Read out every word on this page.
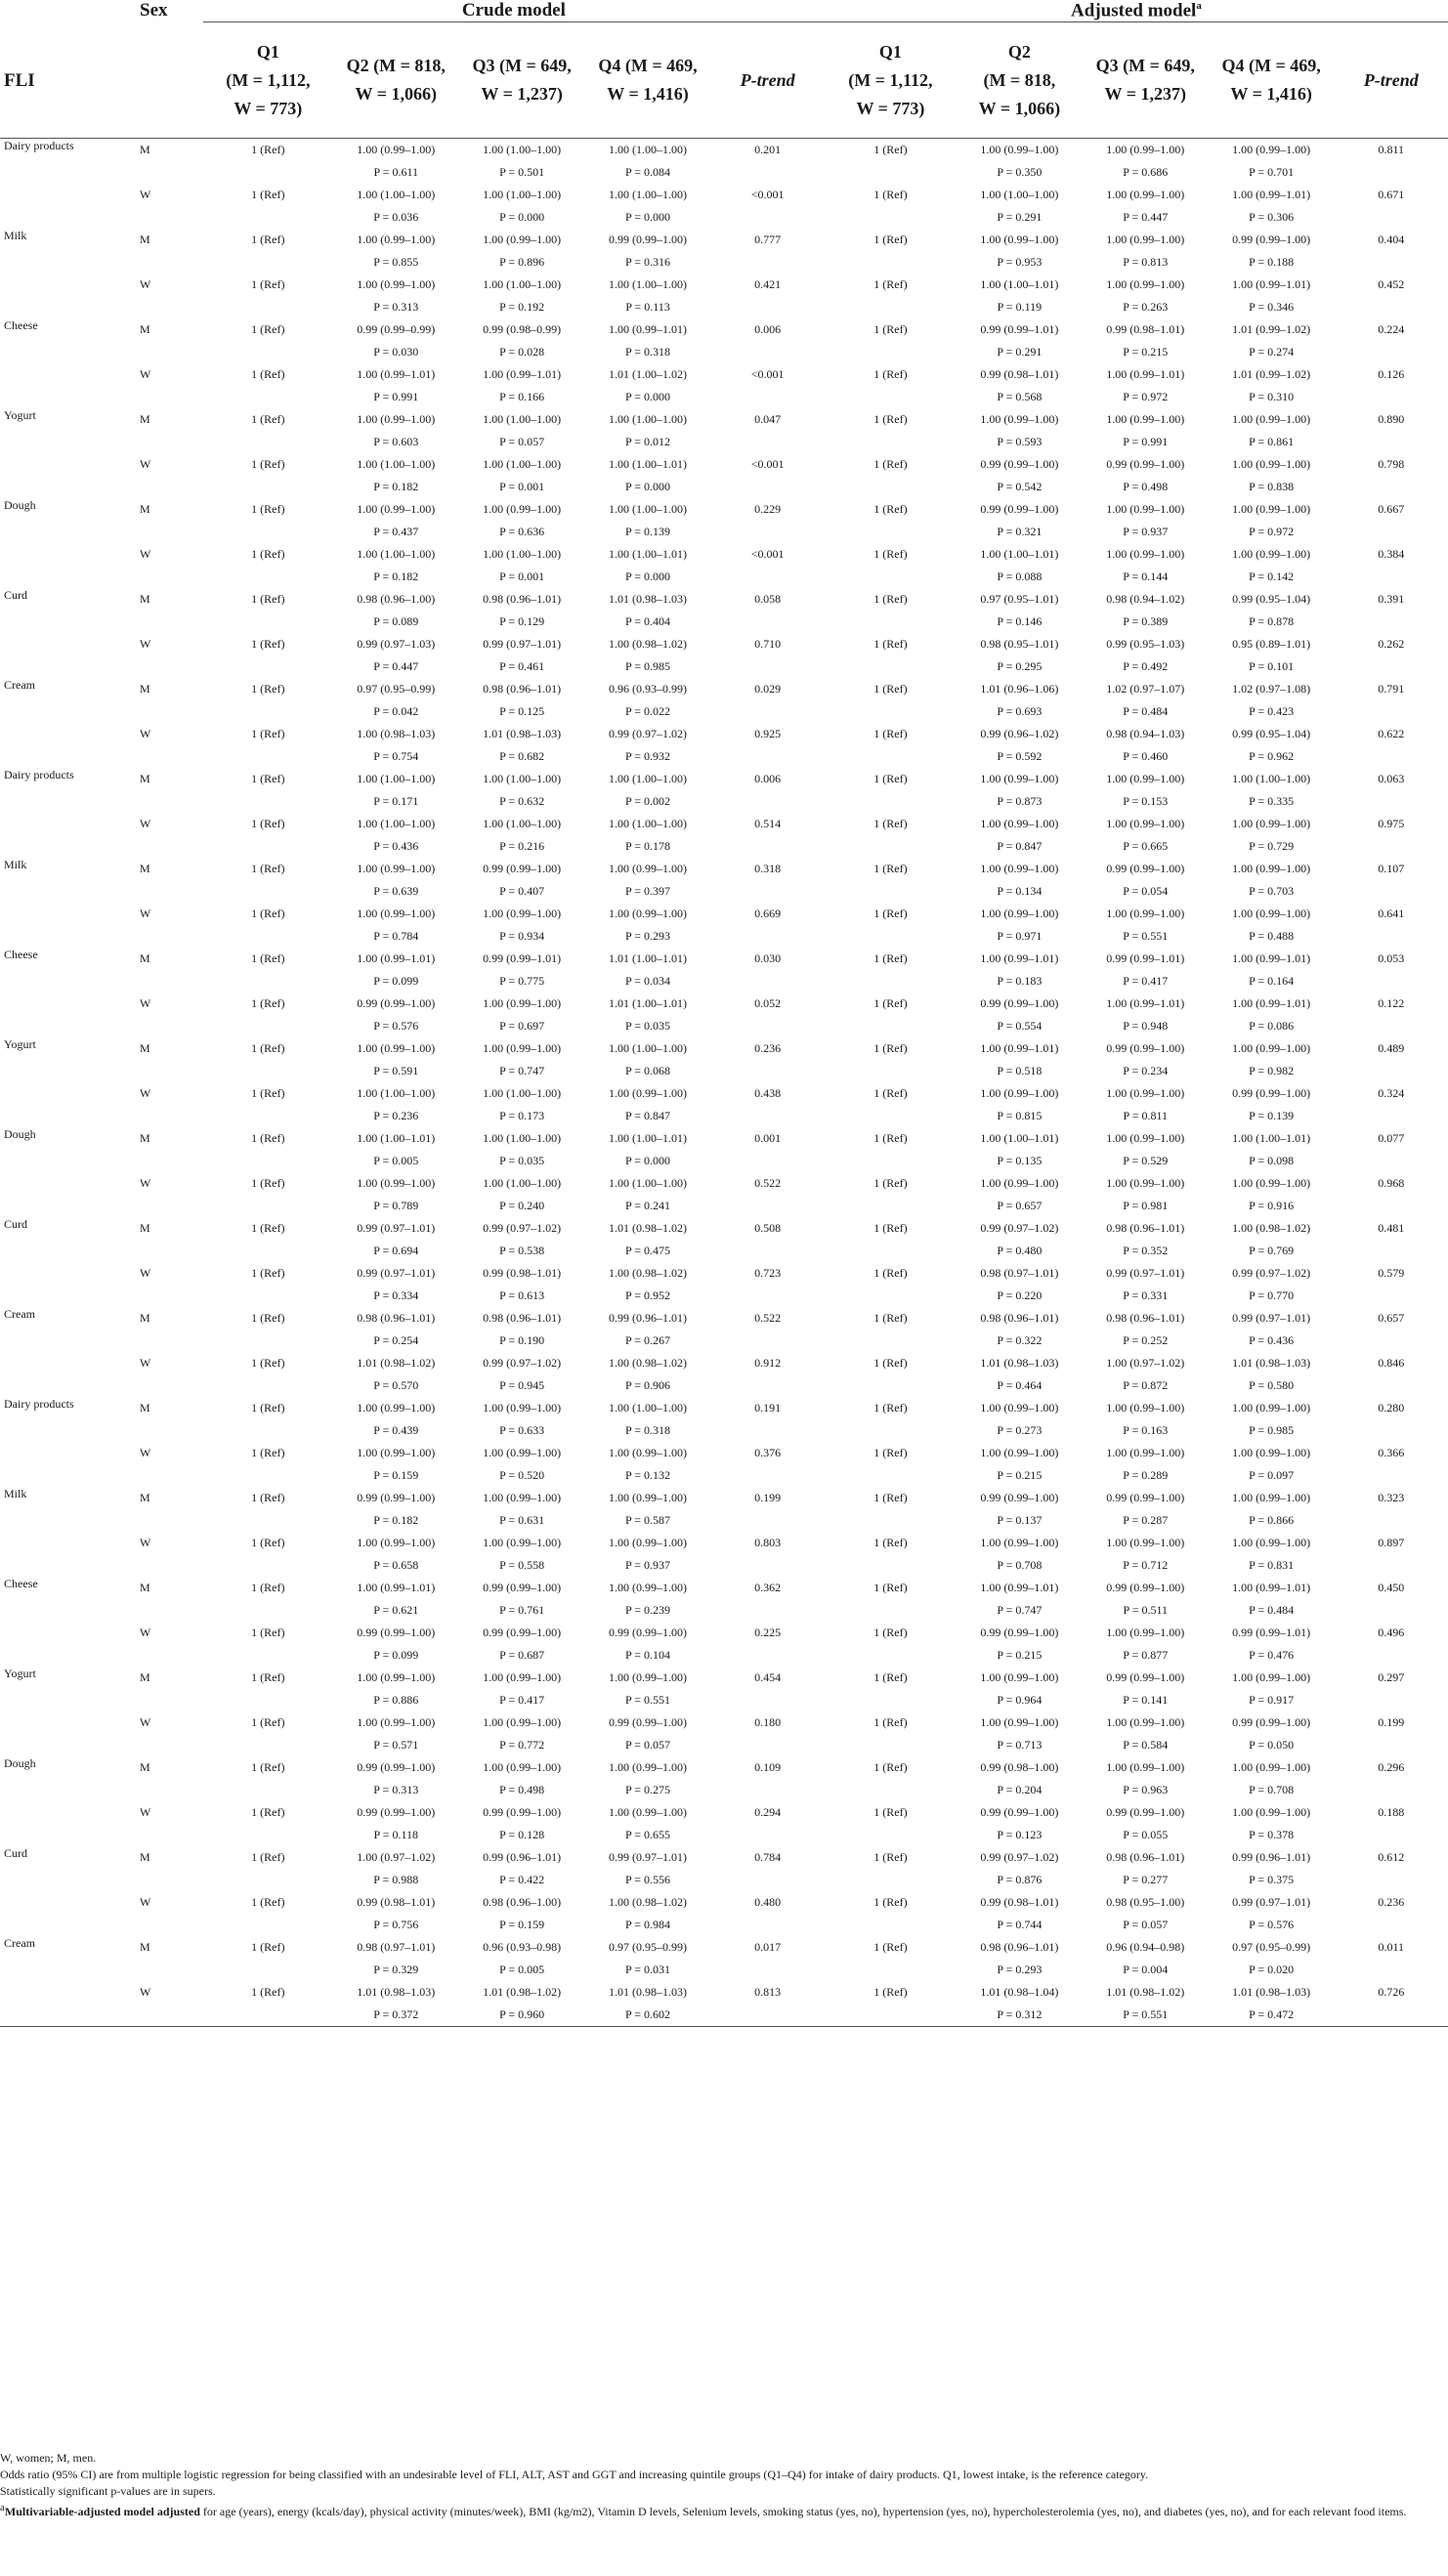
	Sex	Crude model					Adjusted model$^a$
FLI		Q1
(M = 1,112,
W = 773)	Q2 (M = 818,
W = 1,066)	Q3 (M = 649,
W = 1,237)	Q4 (M = 469,
W = 1,416)	P-trend	Q1
(M = 1,112,
W = 773)	Q2
(M = 818,
W = 1,066)	Q3 (M = 649,
W = 1,237)	Q4 (M = 469,
W = 1,416)	P-trend
Dairy products	M	1 (Ref)	1.00 (0.99–1.00)	1.00 (1.00–1.00)	1.00 (1.00–1.00)	0.201	1 (Ref)	1.00 (0.99–1.00)	1.00 (0.99–1.00)	1.00 (0.99–1.00)	0.811
			P = 0.611	P = 0.501	P = 0.084			P = 0.350	P = 0.686	P = 0.701	
	W	1 (Ref)	1.00 (1.00–1.00)	1.00 (1.00–1.00)	1.00 (1.00–1.00)	<0.001	1 (Ref)	1.00 (1.00–1.00)	1.00 (0.99–1.00)	1.00 (0.99–1.01)	0.671
			P = 0.036	P = 0.000	P = 0.000			P = 0.291	P = 0.447	P = 0.306	
Milk	M	1 (Ref)	1.00 (0.99–1.00)	1.00 (0.99–1.00)	0.99 (0.99–1.00)	0.777	1 (Ref)	1.00 (0.99–1.00)	1.00 (0.99–1.00)	0.99 (0.99–1.00)	0.404
			P = 0.855	P = 0.896	P = 0.316			P = 0.953	P = 0.813	P = 0.188	
	W	1 (Ref)	1.00 (0.99–1.00)	1.00 (1.00–1.00)	1.00 (1.00–1.00)	0.421	1 (Ref)	1.00 (1.00–1.01)	1.00 (0.99–1.00)	1.00 (0.99–1.01)	0.452
			P = 0.313	P = 0.192	P = 0.113			P = 0.119	P = 0.263	P = 0.346	
Cheese	M	1 (Ref)	0.99 (0.99–0.99)	0.99 (0.98–0.99)	1.00 (0.99–1.01)	0.006	1 (Ref)	0.99 (0.99–1.01)	0.99 (0.98–1.01)	1.01 (0.99–1.02)	0.224
			P = 0.030	P = 0.028	P = 0.318			P = 0.291	P = 0.215	P = 0.274	
	W	1 (Ref)	1.00 (0.99–1.01)	1.00 (0.99–1.01)	1.01 (1.00–1.02)	<0.001	1 (Ref)	0.99 (0.98–1.01)	1.00 (0.99–1.01)	1.01 (0.99–1.02)	0.126
			P = 0.991	P = 0.166	P = 0.000			P = 0.568	P = 0.972	P = 0.310	
Yogurt	M	1 (Ref)	1.00 (0.99–1.00)	1.00 (1.00–1.00)	1.00 (1.00–1.00)	0.047	1 (Ref)	1.00 (0.99–1.00)	1.00 (0.99–1.00)	1.00 (0.99–1.00)	0.890
			P = 0.603	P = 0.057	P = 0.012			P = 0.593	P = 0.991	P = 0.861	
	W	1 (Ref)	1.00 (1.00–1.00)	1.00 (1.00–1.00)	1.00 (1.00–1.01)	<0.001	1 (Ref)	0.99 (0.99–1.00)	0.99 (0.99–1.00)	1.00 (0.99–1.00)	0.798
			P = 0.182	P = 0.001	P = 0.000			P = 0.542	P = 0.498	P = 0.838	
Dough	M	1 (Ref)	1.00 (0.99–1.00)	1.00 (0.99–1.00)	1.00 (1.00–1.00)	0.229	1 (Ref)	0.99 (0.99–1.00)	1.00 (0.99–1.00)	1.00 (0.99–1.00)	0.667
			P = 0.437	P = 0.636	P = 0.139			P = 0.321	P = 0.937	P = 0.972	
	W	1 (Ref)	1.00 (1.00–1.00)	1.00 (1.00–1.00)	1.00 (1.00–1.01)	<0.001	1 (Ref)	1.00 (1.00–1.01)	1.00 (0.99–1.00)	1.00 (0.99–1.00)	0.384
			P = 0.182	P = 0.001	P = 0.000			P = 0.088	P = 0.144	P = 0.142	
Curd	M	1 (Ref)	0.98 (0.96–1.00)	0.98 (0.96–1.01)	1.01 (0.98–1.03)	0.058	1 (Ref)	0.97 (0.95–1.01)	0.98 (0.94–1.02)	0.99 (0.95–1.04)	0.391
			P = 0.089	P = 0.129	P = 0.404			P = 0.146	P = 0.389	P = 0.878	
	W	1 (Ref)	0.99 (0.97–1.03)	0.99 (0.97–1.01)	1.00 (0.98–1.02)	0.710	1 (Ref)	0.98 (0.95–1.01)	0.99 (0.95–1.03)	0.95 (0.89–1.01)	0.262
			P = 0.447	P = 0.461	P = 0.985			P = 0.295	P = 0.492	P = 0.101	
Cream	M	1 (Ref)	0.97 (0.95–0.99)	0.98 (0.96–1.01)	0.96 (0.93–0.99)	0.029	1 (Ref)	1.01 (0.96–1.06)	1.02 (0.97–1.07)	1.02 (0.97–1.08)	0.791
			P = 0.042	P = 0.125	P = 0.022			P = 0.693	P = 0.484	P = 0.423	
	W	1 (Ref)	1.00 (0.98–1.03)	1.01 (0.98–1.03)	0.99 (0.97–1.02)	0.925	1 (Ref)	0.99 (0.96–1.02)	0.98 (0.94–1.03)	0.99 (0.95–1.04)	0.622
			P = 0.754	P = 0.682	P = 0.932			P = 0.592	P = 0.460	P = 0.962	
Dairy products	M	1 (Ref)	1.00 (1.00–1.00)	1.00 (1.00–1.00)	1.00 (1.00–1.00)	0.006	1 (Ref)	1.00 (0.99–1.00)	1.00 (0.99–1.00)	1.00 (1.00–1.00)	0.063
			P = 0.171	P = 0.632	P = 0.002			P = 0.873	P = 0.153	P = 0.335	
	W	1 (Ref)	1.00 (1.00–1.00)	1.00 (1.00–1.00)	1.00 (1.00–1.00)	0.514	1 (Ref)	1.00 (0.99–1.00)	1.00 (0.99–1.00)	1.00 (0.99–1.00)	0.975
			P = 0.436	P = 0.216	P = 0.178			P = 0.847	P = 0.665	P = 0.729	
Milk	M	1 (Ref)	1.00 (0.99–1.00)	0.99 (0.99–1.00)	1.00 (0.99–1.00)	0.318	1 (Ref)	1.00 (0.99–1.00)	0.99 (0.99–1.00)	1.00 (0.99–1.00)	0.107
			P = 0.639	P = 0.407	P = 0.397			P = 0.134	P = 0.054	P = 0.703	
	W	1 (Ref)	1.00 (0.99–1.00)	1.00 (0.99–1.00)	1.00 (0.99–1.00)	0.669	1 (Ref)	1.00 (0.99–1.00)	1.00 (0.99–1.00)	1.00 (0.99–1.00)	0.641
			P = 0.784	P = 0.934	P = 0.293			P = 0.971	P = 0.551	P = 0.488	
Cheese	M	1 (Ref)	1.00 (0.99–1.01)	0.99 (0.99–1.01)	1.01 (1.00–1.01)	0.030	1 (Ref)	1.00 (0.99–1.01)	0.99 (0.99–1.01)	1.00 (0.99–1.01)	0.053
			P = 0.099	P = 0.775	P = 0.034			P = 0.183	P = 0.417	P = 0.164	
	W	1 (Ref)	0.99 (0.99–1.00)	1.00 (0.99–1.00)	1.01 (1.00–1.01)	0.052	1 (Ref)	0.99 (0.99–1.00)	1.00 (0.99–1.01)	1.00 (0.99–1.01)	0.122
			P = 0.576	P = 0.697	P = 0.035			P = 0.554	P = 0.948	P = 0.086	
Yogurt	M	1 (Ref)	1.00 (0.99–1.00)	1.00 (0.99–1.00)	1.00 (1.00–1.00)	0.236	1 (Ref)	1.00 (0.99–1.01)	0.99 (0.99–1.00)	1.00 (0.99–1.00)	0.489
			P = 0.591	P = 0.747	P = 0.068			P = 0.518	P = 0.234	P = 0.982	
	W	1 (Ref)	1.00 (1.00–1.00)	1.00 (1.00–1.00)	1.00 (0.99–1.00)	0.438	1 (Ref)	1.00 (0.99–1.00)	1.00 (0.99–1.00)	0.99 (0.99–1.00)	0.324
			P = 0.236	P = 0.173	P = 0.847			P = 0.815	P = 0.811	P = 0.139	
Dough	M	1 (Ref)	1.00 (1.00–1.01)	1.00 (1.00–1.00)	1.00 (1.00–1.01)	0.001	1 (Ref)	1.00 (1.00–1.01)	1.00 (0.99–1.00)	1.00 (1.00–1.01)	0.077
			P = 0.005	P = 0.035	P = 0.000			P = 0.135	P = 0.529	P = 0.098	
	W	1 (Ref)	1.00 (0.99–1.00)	1.00 (1.00–1.00)	1.00 (1.00–1.00)	0.522	1 (Ref)	1.00 (0.99–1.00)	1.00 (0.99–1.00)	1.00 (0.99–1.00)	0.968
			P = 0.789	P = 0.240	P = 0.241			P = 0.657	P = 0.981	P = 0.916	
Curd	M	1 (Ref)	0.99 (0.97–1.01)	0.99 (0.97–1.02)	1.01 (0.98–1.02)	0.508	1 (Ref)	0.99 (0.97–1.02)	0.98 (0.96–1.01)	1.00 (0.98–1.02)	0.481
			P = 0.694	P = 0.538	P = 0.475			P = 0.480	P = 0.352	P = 0.769	
	W	1 (Ref)	0.99 (0.97–1.01)	0.99 (0.98–1.01)	1.00 (0.98–1.02)	0.723	1 (Ref)	0.98 (0.97–1.01)	0.99 (0.97–1.01)	0.99 (0.97–1.02)	0.579
			P = 0.334	P = 0.613	P = 0.952			P = 0.220	P = 0.331	P = 0.770	
Cream	M	1 (Ref)	0.98 (0.96–1.01)	0.98 (0.96–1.01)	0.99 (0.96–1.01)	0.522	1 (Ref)	0.98 (0.96–1.01)	0.98 (0.96–1.01)	0.99 (0.97–1.01)	0.657
			P = 0.254	P = 0.190	P = 0.267			P = 0.322	P = 0.252	P = 0.436	
	W	1 (Ref)	1.01 (0.98–1.02)	0.99 (0.97–1.02)	1.00 (0.98–1.02)	0.912	1 (Ref)	1.01 (0.98–1.03)	1.00 (0.97–1.02)	1.01 (0.98–1.03)	0.846
			P = 0.570	P = 0.945	P = 0.906			P = 0.464	P = 0.872	P = 0.580	
Dairy products	M	1 (Ref)	1.00 (0.99–1.00)	1.00 (0.99–1.00)	1.00 (1.00–1.00)	0.191	1 (Ref)	1.00 (0.99–1.00)	1.00 (0.99–1.00)	1.00 (0.99–1.00)	0.280
			P = 0.439	P = 0.633	P = 0.318			P = 0.273	P = 0.163	P = 0.985	
	W	1 (Ref)	1.00 (0.99–1.00)	1.00 (0.99–1.00)	1.00 (0.99–1.00)	0.376	1 (Ref)	1.00 (0.99–1.00)	1.00 (0.99–1.00)	1.00 (0.99–1.00)	0.366
			P = 0.159	P = 0.520	P = 0.132			P = 0.215	P = 0.289	P = 0.097	
Milk	M	1 (Ref)	0.99 (0.99–1.00)	1.00 (0.99–1.00)	1.00 (0.99–1.00)	0.199	1 (Ref)	0.99 (0.99–1.00)	0.99 (0.99–1.00)	1.00 (0.99–1.00)	0.323
			P = 0.182	P = 0.631	P = 0.587			P = 0.137	P = 0.287	P = 0.866	
	W	1 (Ref)	1.00 (0.99–1.00)	1.00 (0.99–1.00)	1.00 (0.99–1.00)	0.803	1 (Ref)	1.00 (0.99–1.00)	1.00 (0.99–1.00)	1.00 (0.99–1.00)	0.897
			P = 0.658	P = 0.558	P = 0.937			P = 0.708	P = 0.712	P = 0.831	
Cheese	M	1 (Ref)	1.00 (0.99–1.01)	0.99 (0.99–1.00)	1.00 (0.99–1.00)	0.362	1 (Ref)	1.00 (0.99–1.01)	0.99 (0.99–1.00)	1.00 (0.99–1.01)	0.450
			P = 0.621	P = 0.761	P = 0.239			P = 0.747	P = 0.511	P = 0.484	
	W	1 (Ref)	0.99 (0.99–1.00)	0.99 (0.99–1.00)	0.99 (0.99–1.00)	0.225	1 (Ref)	0.99 (0.99–1.00)	1.00 (0.99–1.00)	0.99 (0.99–1.01)	0.496
			P = 0.099	P = 0.687	P = 0.104			P = 0.215	P = 0.877	P = 0.476	
Yogurt	M	1 (Ref)	1.00 (0.99–1.00)	1.00 (0.99–1.00)	1.00 (0.99–1.00)	0.454	1 (Ref)	1.00 (0.99–1.00)	0.99 (0.99–1.00)	1.00 (0.99–1.00)	0.297
			P = 0.886	P = 0.417	P = 0.551			P = 0.964	P = 0.141	P = 0.917	
	W	1 (Ref)	1.00 (0.99–1.00)	1.00 (0.99–1.00)	0.99 (0.99–1.00)	0.180	1 (Ref)	1.00 (0.99–1.00)	1.00 (0.99–1.00)	0.99 (0.99–1.00)	0.199
			P = 0.571	P = 0.772	P = 0.057			P = 0.713	P = 0.584	P = 0.050	
Dough	M	1 (Ref)	0.99 (0.99–1.00)	1.00 (0.99–1.00)	1.00 (0.99–1.00)	0.109	1 (Ref)	0.99 (0.98–1.00)	1.00 (0.99–1.00)	1.00 (0.99–1.00)	0.296
			P = 0.313	P = 0.498	P = 0.275			P = 0.204	P = 0.963	P = 0.708	
	W	1 (Ref)	0.99 (0.99–1.00)	0.99 (0.99–1.00)	1.00 (0.99–1.00)	0.294	1 (Ref)	0.99 (0.99–1.00)	0.99 (0.99–1.00)	1.00 (0.99–1.00)	0.188
			P = 0.118	P = 0.128	P = 0.655			P = 0.123	P = 0.055	P = 0.378	
Curd	M	1 (Ref)	1.00 (0.97–1.02)	0.99 (0.96–1.01)	0.99 (0.97–1.01)	0.784	1 (Ref)	0.99 (0.97–1.02)	0.98 (0.96–1.01)	0.99 (0.96–1.01)	0.612
			P = 0.988	P = 0.422	P = 0.556			P = 0.876	P = 0.277	P = 0.375	
	W	1 (Ref)	0.99 (0.98–1.01)	0.98 (0.96–1.00)	1.00 (0.98–1.02)	0.480	1 (Ref)	0.99 (0.98–1.01)	0.98 (0.95–1.00)	0.99 (0.97–1.01)	0.236
			P = 0.756	P = 0.159	P = 0.984			P = 0.744	P = 0.057	P = 0.576	
Cream	M	1 (Ref)	0.98 (0.97–1.01)	0.96 (0.93–0.98)	0.97 (0.95–0.99)	0.017	1 (Ref)	0.98 (0.96–1.01)	0.96 (0.94–0.98)	0.97 (0.95–0.99)	0.011
			P = 0.329	P = 0.005	P = 0.031			P = 0.293	P = 0.004	P = 0.020	
	W	1 (Ref)	1.01 (0.98–1.03)	1.01 (0.98–1.02)	1.01 (0.98–1.03)	0.813	1 (Ref)	1.01 (0.98–1.04)	1.01 (0.98–1.02)	1.01 (0.98–1.03)	0.726
			P = 0.372	P = 0.960	P = 0.602			P = 0.312	P = 0.551	P = 0.472	

W, women; M, men.

Odds ratio (95% CI) are from multiple logistic regression for being classified with an undesirable level of FLI, ALT, AST and GGT and increasing quintile groups (Q1–Q4) for intake of dairy products. Q1, lowest intake, is the reference category.

Statistically significant p-values are in supers.

$^a$Multivariable-adjusted model adjusted for age (years), energy (kcals/day), physical activity (minutes/week), BMI (kg/m2), Vitamin D levels, Selenium levels, smoking status (yes, no), hypertension (yes, no), hypercholesterolemia (yes, no), and diabetes (yes, no), and for each relevant food items.
